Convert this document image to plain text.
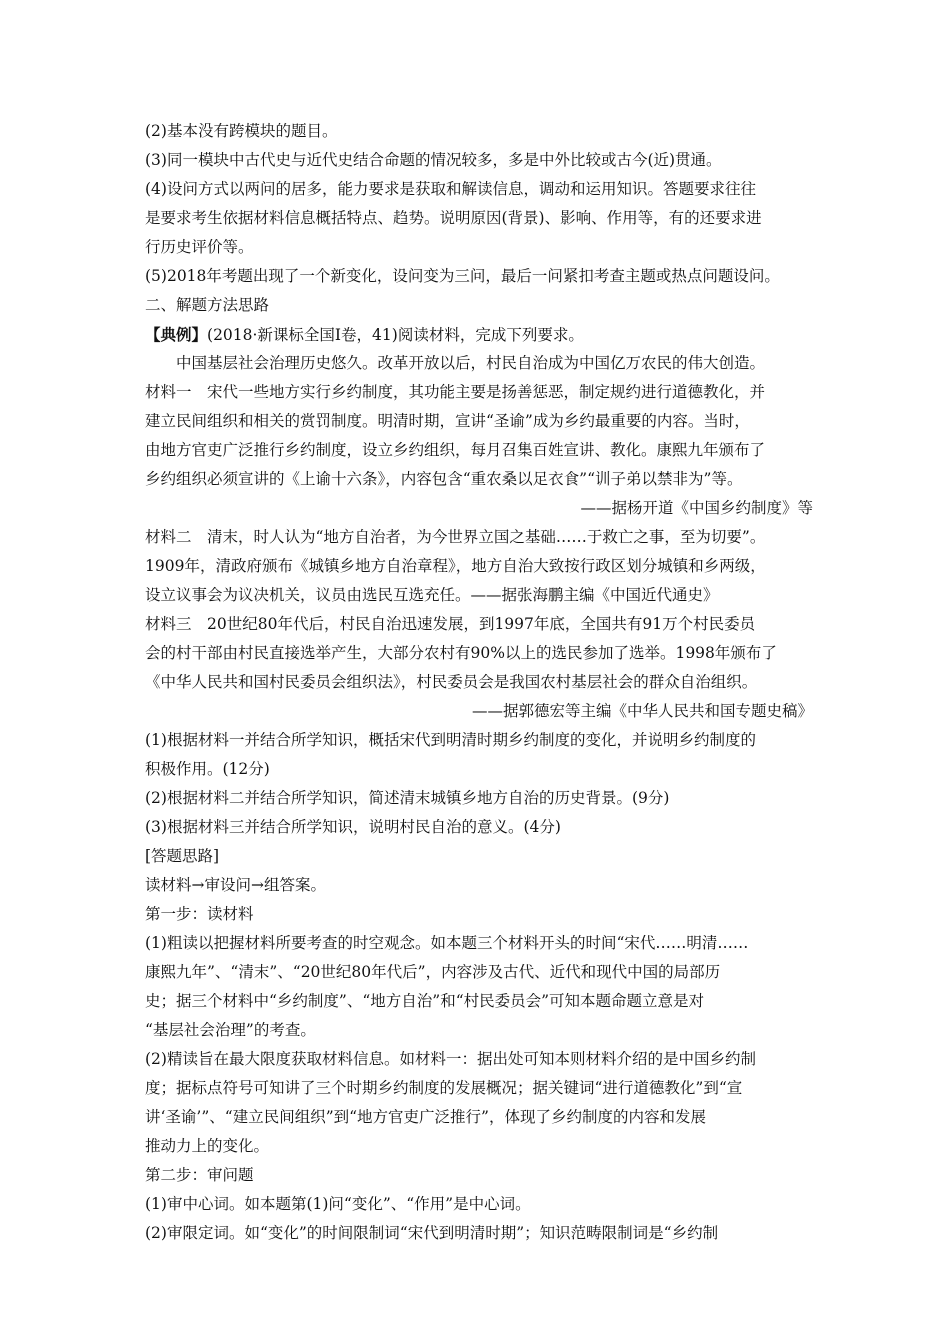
(2)基本没有跨模块的题目。
(3)同一模块中古代史与近代史结合命题的情况较多，多是中外比较或古今(近)贯通。
(4)设问方式以两问的居多，能力要求是获取和解读信息，调动和运用知识。答题要求往往
是要求考生依据材料信息概括特点、趋势。说明原因(背景)、影响、作用等，有的还要求进
行历史评价等。
(5)2018年考题出现了一个新变化，设问变为三问，最后一问紧扣考查主题或热点问题设问。
二、解题方法思路
【典例】(2018·新课标全国Ⅰ卷，41)阅读材料，完成下列要求。
中国基层社会治理历史悠久。改革开放以后，村民自治成为中国亿万农民的伟大创造。
材料一　宋代一些地方实行乡约制度，其功能主要是扬善惩恶，制定规约进行道德教化，并
建立民间组织和相关的赏罚制度。明清时期，宣讲“圣谕”成为乡约最重要的内容。当时，
由地方官吏广泛推行乡约制度，设立乡约组织，每月召集百姓宣讲、教化。康熙九年颁布了
乡约组织必须宣讲的《上谕十六条》，内容包含“重农桑以足衣食”“训子弟以禁非为”等。
——据杨开道《中国乡约制度》等
材料二　清末，时人认为“地方自治者，为今世界立国之基础……于救亡之事，至为切要”。
1909年，清政府颁布《城镇乡地方自治章程》，地方自治大致按行政区划分城镇和乡两级，
设立议事会为议决机关，议员由选民互选充任。——据张海鹏主编《中国近代通史》
材料三　20世纪80年代后，村民自治迅速发展，到1997年底，全国共有91万个村民委员
会的村干部由村民直接选举产生，大部分农村有90%以上的选民参加了选举。1998年颁布了
《中华人民共和国村民委员会组织法》，村民委员会是我国农村基层社会的群众自治组织。
——据郭德宏等主编《中华人民共和国专题史稿》
(1)根据材料一并结合所学知识，概括宋代到明清时期乡约制度的变化，并说明乡约制度的
积极作用。(12分)
(2)根据材料二并结合所学知识，简述清末城镇乡地方自治的历史背景。(9分)
(3)根据材料三并结合所学知识，说明村民自治的意义。(4分)
[答题思路]
读材料→审设问→组答案。
第一步：读材料
(1)粗读以把握材料所要考查的时空观念。如本题三个材料开头的时间“宋代……明清……
康熙九年”、“清末”、“20世纪80年代后”，内容涉及古代、近代和现代中国的局部历
史；据三个材料中“乡约制度”、“地方自治”和“村民委员会”可知本题命题立意是对
“基层社会治理”的考查。
(2)精读旨在最大限度获取材料信息。如材料一：据出处可知本则材料介绍的是中国乡约制
度；据标点符号可知讲了三个时期乡约制度的发展概况；据关键词“进行道德教化”到“宣
讲‘圣谕’”、“建立民间组织”到“地方官吏广泛推行”，体现了乡约制度的内容和发展
推动力上的变化。
第二步：审问题
(1)审中心词。如本题第(1)问“变化”、“作用”是中心词。
(2)审限定词。如“变化”的时间限制词“宋代到明清时期”；知识范畴限制词是“乡约制
